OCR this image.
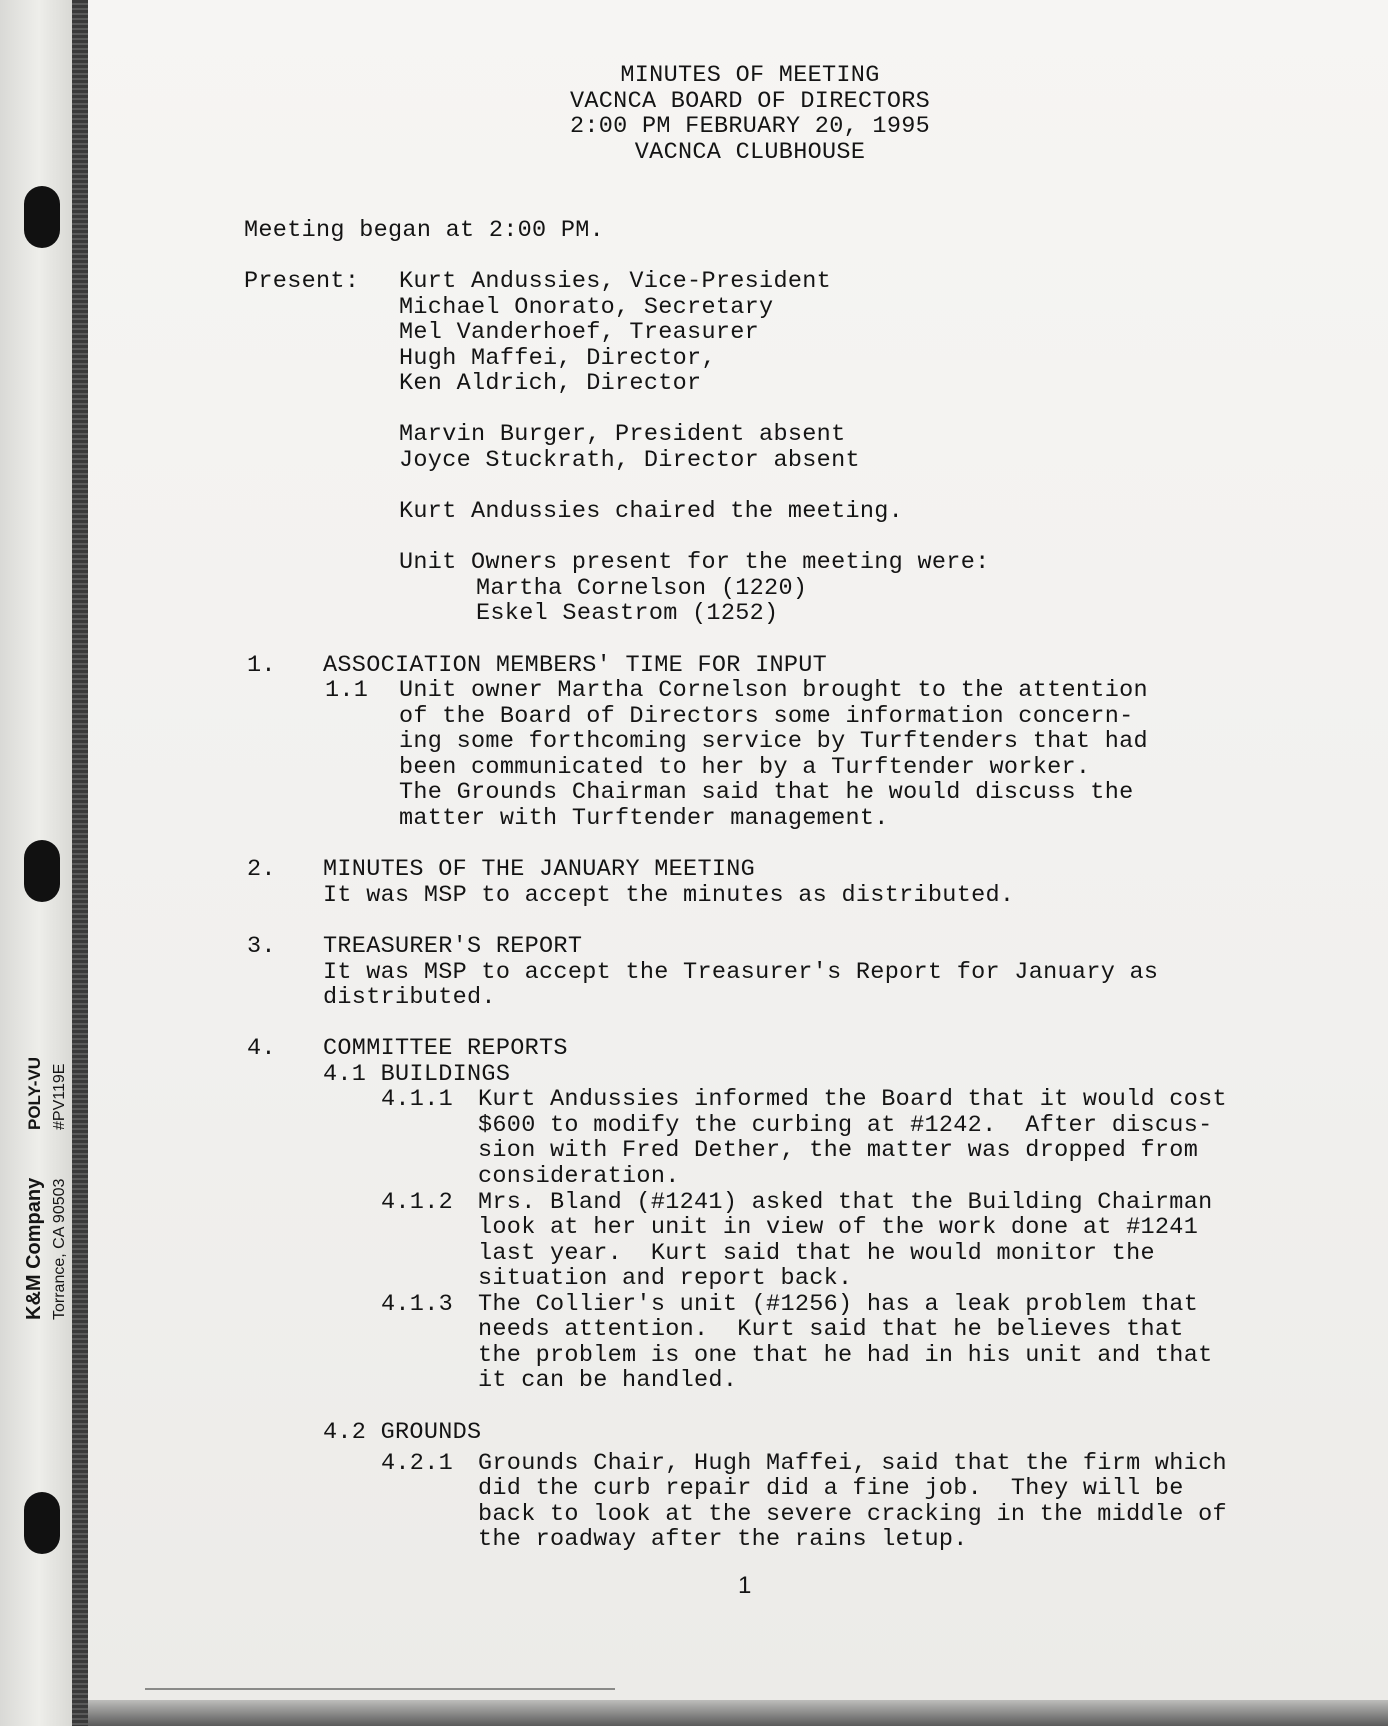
K&M Company
POLY-VU
Torrance, CA 90503
#PV119E
MINUTES OF MEETING
VACNCA BOARD OF DIRECTORS
2:00 PM FEBRUARY 20, 1995
VACNCA CLUBHOUSE
Meeting began at 2:00 PM.
Present: Kurt Andussies, Vice-President
Michael Onorato, Secretary
Mel Vanderhoef, Treasurer
Hugh Maffei, Director,
Ken Aldrich, Director
Marvin Burger, President absent
Joyce Stuckrath, Director absent
Kurt Andussies chaired the meeting.
Unit Owners present for the meeting were:
Martha Cornelson (1220)
Eskel Seastrom (1252)
1. ASSOCIATION MEMBERS' TIME FOR INPUT
1.1 Unit owner Martha Cornelson brought to the attention
of the Board of Directors some information concern-
ing some forthcoming service by Turftenders that had
been communicated to her by a Turftender worker.
The Grounds Chairman said that he would discuss the
matter with Turftender management.
2. MINUTES OF THE JANUARY MEETING
It was MSP to accept the minutes as distributed.
3. TREASURER'S REPORT
It was MSP to accept the Treasurer's Report for January as
distributed.
4. COMMITTEE REPORTS
4.1 BUILDINGS
4.1.1 Kurt Andussies informed the Board that it would cost
$600 to modify the curbing at #1242.  After discus-
sion with Fred Dether, the matter was dropped from
consideration.
4.1.2 Mrs. Bland (#1241) asked that the Building Chairman
look at her unit in view of the work done at #1241
last year.  Kurt said that he would monitor the
situation and report back.
4.1.3 The Collier's unit (#1256) has a leak problem that
needs attention.  Kurt said that he believes that
the problem is one that he had in his unit and that
it can be handled.
4.2 GROUNDS
4.2.1 Grounds Chair, Hugh Maffei, said that the firm which
did the curb repair did a fine job.  They will be
back to look at the severe cracking in the middle of
the roadway after the rains letup.
1
